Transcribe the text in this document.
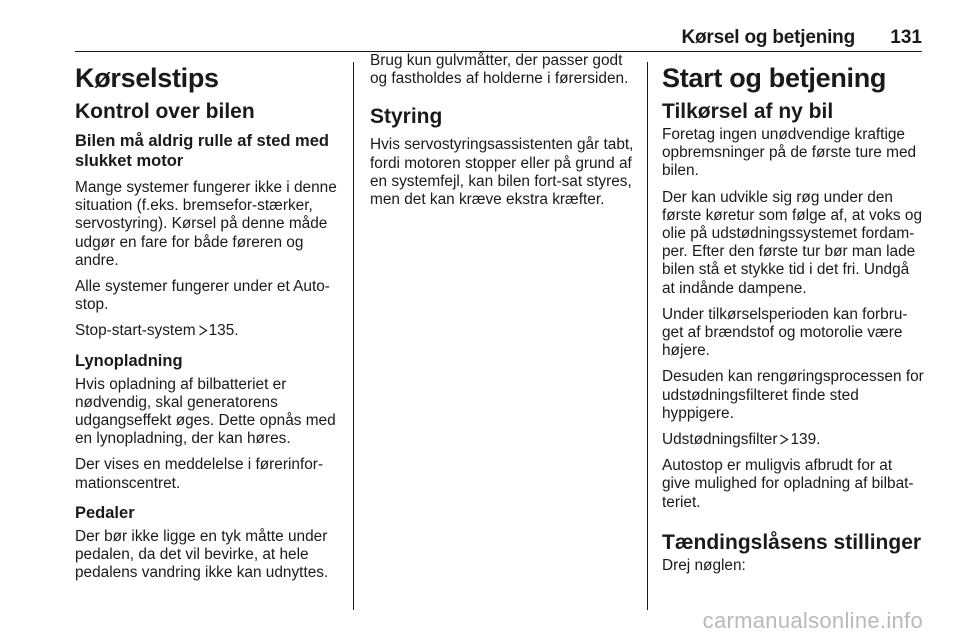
Kørsel og betjening 131
Kørselstips
Kontrol over bilen
Bilen må aldrig rulle af sted med slukket motor

Mange systemer fungerer ikke i denne situation (f.eks. bremsefor-stærker, servostyring). Kørsel på denne måde udgør en fare for både føreren og andre.

Alle systemer fungerer under et Auto-stop.

Stop-start-system 135.

Lynopladning

Hvis opladning af bilbatteriet er nødvendig, skal generatorens udgangseffekt øges. Dette opnås med en lynopladning, der kan høres.

Der vises en meddelelse i førerinfor-mationscentret.

Pedaler

Der bør ikke ligge en tyk måtte under pedalen, da det vil bevirke, at hele pedalens vandring ikke kan udnyttes.

Brug kun gulvmåtter, der passer godt og fastholdes af holderne i førersiden.

Styring

Hvis servostyringsassistenten går tabt, fordi motoren stopper eller på grund af en systemfejl, kan bilen fort-sat styres, men det kan kræve ekstra kræfter.

Start og betjening
Tilkørsel af ny bil

Foretag ingen unødvendige kraftige opbremsninger på de første ture med bilen.

Der kan udvikle sig røg under den første køretur som følge af, at voks og olie på udstødningssystemet fordam-per. Efter den første tur bør man lade bilen stå et stykke tid i det fri. Undgå at indånde dampene.

Under tilkørselsperioden kan forbru-get af brændstof og motorolie være højere.

Desuden kan rengøringsprocessen for udstødningsfilteret finde sted hyppigere.

Udstødningsfilter 139.

Autostop er muligvis afbrudt for at give mulighed for opladning af bilbat-teriet.

Tændingslåsens stillinger

Drej nøglen:

carmanualsonline.info
